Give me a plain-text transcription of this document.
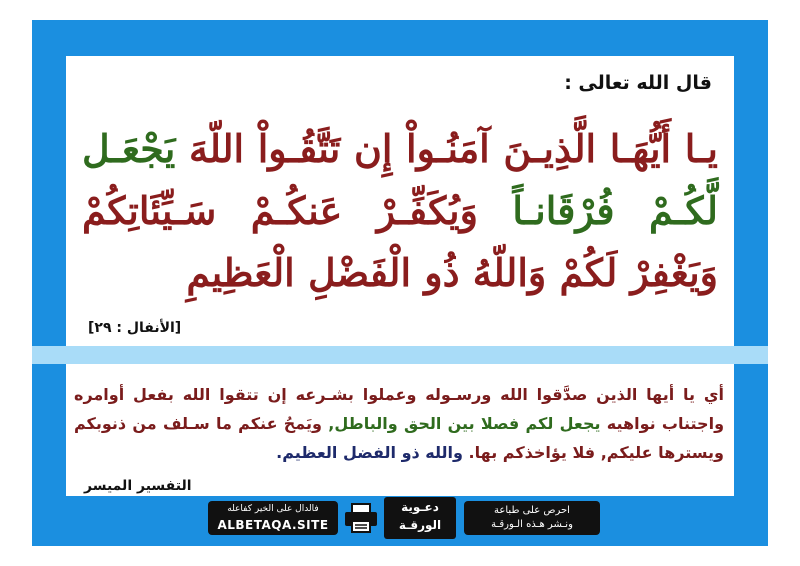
قال الله تعالى :
يـا أَيُّهَـا الَّذِيـنَ آمَنُـواْ إِن تَتَّقُـواْ اللّهَ يَجْعَـل لَّكُـمْ فُرْقَانـاً وَيُكَفِّـرْ عَنكُـمْ سَـيِّئَاتِكُمْ وَيَغْفِرْ لَكُمْ وَاللّهُ ذُو الْفَضْلِ الْعَظِيمِ
[الأنفال : ٢٩]
أي يا أيها الذين صدَّقوا الله ورسـوله وعملوا بشـرعه إن تتقوا الله بفعل أوامره واجتناب نواهيه يجعل لكم فصلا بين الحق والباطل, ويَمحُ عنكم ما سـلف من ذنوبكم ويسترها عليكم, فلا يؤاخذكم بها. والله ذو الفضل العظيم.
التفسير الميسر
فالدال على الخير كفاعله
ALBETAQA.SITE
دعـوية
الورقـة
احرص على طباعة
ونـشر هـذه الـورقـة
